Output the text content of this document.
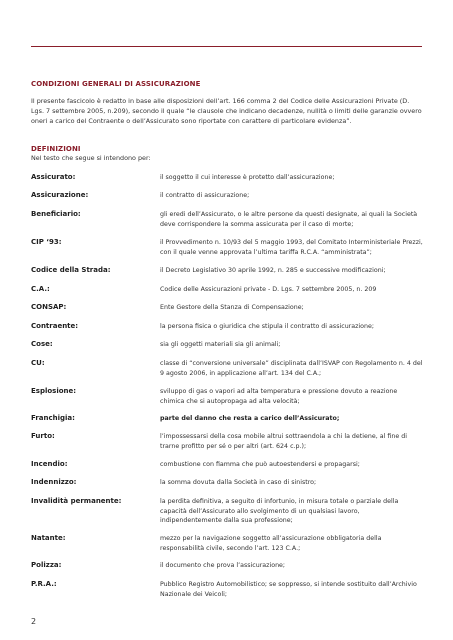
CONDIZIONI GENERALI DI ASSICURAZIONE
Il presente fascicolo è redatto in base alle disposizioni dell’art. 166 comma 2 del Codice delle Assicurazioni Private (D. Lgs. 7 settembre 2005, n.209), secondo il quale “le clausole che indicano decadenze, nullità o limiti delle garanzie ovvero oneri a carico del Contraente o dell’Assicurato sono riportate con carattere di particolare evidenza”.
DEFINIZIONI
Nel testo che segue si intendono per:
Assicurato:	il soggetto il cui interesse è protetto dall’assicurazione;
Assicurazione:	il contratto di assicurazione;
Beneficiario:	gli eredi dell’Assicurato, o le altre persone da questi designate, ai quali la Società deve corrispondere la somma assicurata per il caso di morte;
CIP ‘93:	il Provvedimento n. 10/93 del 5 maggio 1993, del Comitato Interministeriale Prezzi, con il quale venne approvata l’ultima tariffa R.C.A. “amministrata”;
Codice della Strada:	il Decreto Legislativo 30 aprile 1992, n. 285 e successive modificazioni;
C.A.:	Codice delle Assicurazioni private - D. Lgs. 7 settembre 2005, n. 209
CONSAP:	Ente Gestore della Stanza di Compensazione;
Contraente:	la persona fisica o giuridica che stipula il contratto di assicurazione;
Cose:	sia gli oggetti materiali sia gli animali;
CU:	classe di “conversione universale” disciplinata dall’ISVAP con Regolamento n. 4 del 9 agosto 2006, in applicazione all’art. 134 del C.A.;
Esplosione:	sviluppo di gas o vapori ad alta temperatura e pressione dovuto a reazione chimica che si autopropaga ad alta velocità;
Franchigia:	parte del danno che resta a carico dell’Assicurato;
Furto:	l’impossessarsi della cosa mobile altrui sottraendola a chi la detiene, al fine di trarne profitto per sé o per altri (art. 624 c.p.);
Incendio:	combustione con fiamma che può autoestendersi e propagarsi;
Indennizzo:	la somma dovuta dalla Società in caso di sinistro;
Invalidità permanente:	la perdita definitiva, a seguito di infortunio, in misura totale o parziale della capacità dell’Assicurato allo svolgimento di un qualsiasi lavoro, indipendentemente dalla sua professione;
Natante:	mezzo per la navigazione soggetto all’assicurazione obbligatoria della responsabilità civile, secondo l’art. 123 C.A.;
Polizza:	il documento che prova l’assicurazione;
P.R.A.:	Pubblico Registro Automobilistico; se soppresso, si intende sostituito dall’Archivio Nazionale dei Veicoli;
2
